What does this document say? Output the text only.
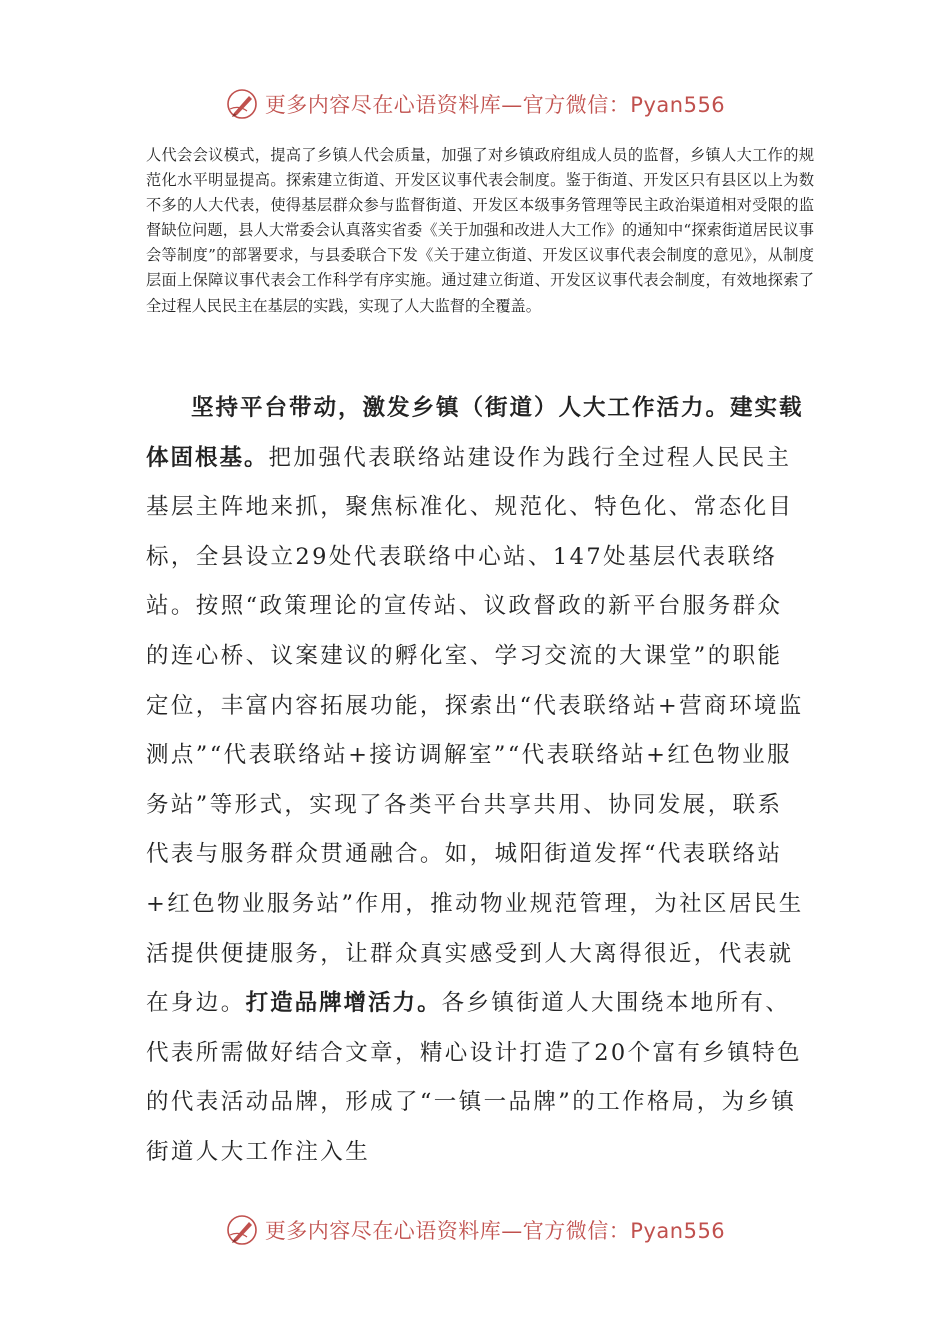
更多内容尽在心语资料库—官方微信：Pyan556

人代会会议模式，提高了乡镇人代会质量，加强了对乡镇政府组成人员的监督，乡镇人大工作的规范化水平明显提高。探索建立街道、开发区议事代表会制度。鉴于街道、开发区只有县区以上为数不多的人大代表，使得基层群众参与监督街道、开发区本级事务管理等民主政治渠道相对受限的监督缺位问题，县人大常委会认真落实省委《关于加强和改进人大工作》的通知中“探索街道居民议事会等制度”的部署要求，与县委联合下发《关于建立街道、开发区议事代表会制度的意见》，从制度层面上保障议事代表会工作科学有序实施。通过建立街道、开发区议事代表会制度，有效地探索了全过程人民民主在基层的实践，实现了人大监督的全覆盖。

坚持平台带动，激发乡镇（街道）人大工作活力。建实载体固根基。把加强代表联络站建设作为践行全过程人民民主基层主阵地来抓，聚焦标准化、规范化、特色化、常态化目标，全县设立29处代表联络中心站、147处基层代表联络站。按照“政策理论的宣传站、议政督政的新平台服务群众的连心桥、议案建议的孵化室、学习交流的大课堂”的职能定位，丰富内容拓展功能，探索出“代表联络站+营商环境监测点”“代表联络站+接访调解室”“代表联络站+红色物业服务站”等形式，实现了各类平台共享共用、协同发展，联系代表与服务群众贯通融合。如，城阳街道发挥“代表联络站+红色物业服务站”作用，推动物业规范管理，为社区居民生活提供便捷服务，让群众真实感受到人大离得很近，代表就在身边。打造品牌增活力。各乡镇街道人大围绕本地所有、代表所需做好结合文章，精心设计打造了20个富有乡镇特色的代表活动品牌，形成了“一镇一品牌”的工作格局，为乡镇街道人大工作注入生

更多内容尽在心语资料库—官方微信：Pyan556
